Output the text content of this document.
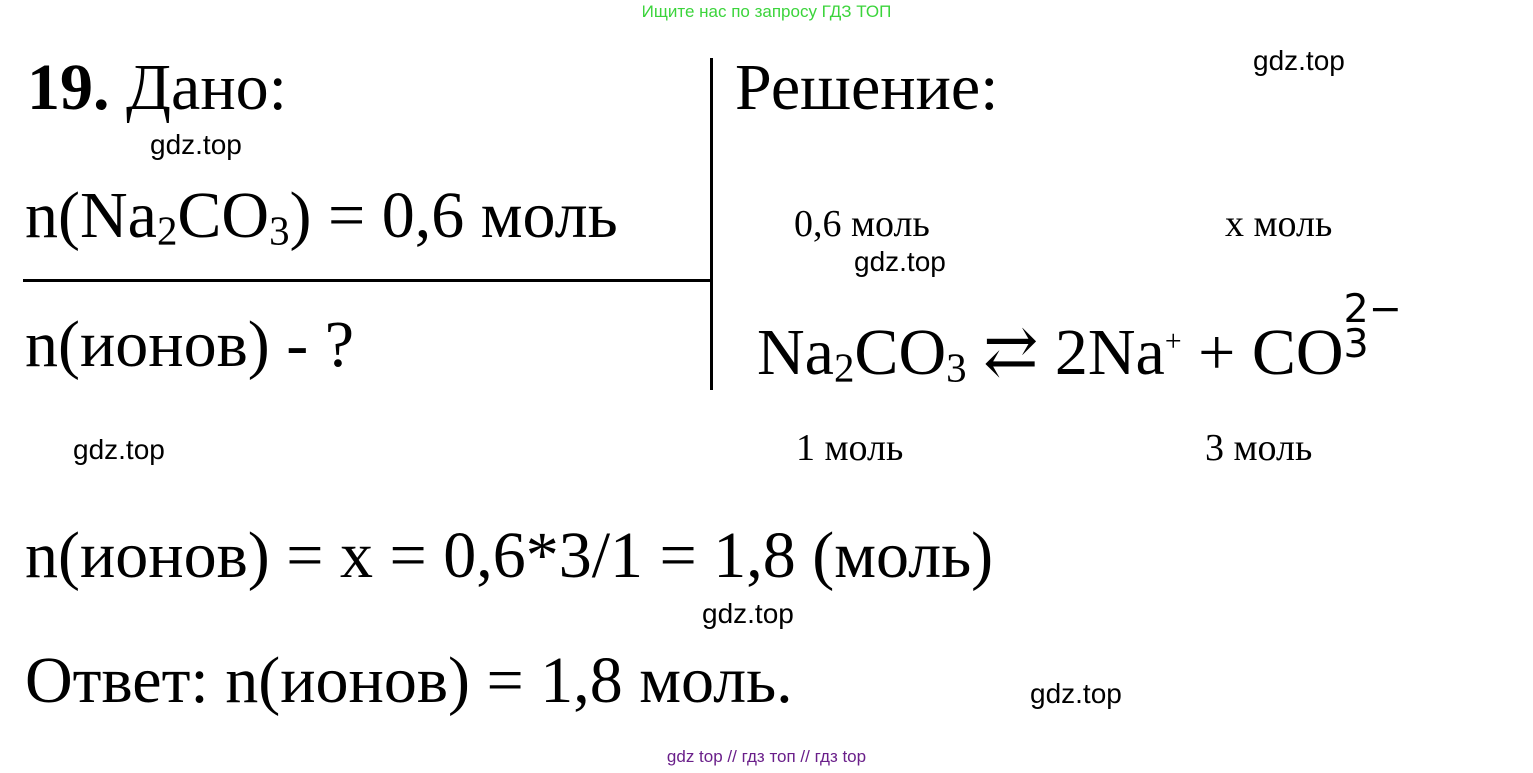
Ищите нас по запросу ГДЗ ТОП
19. Дано:	Решение:	gdz.top
gdz.top
n(Na2CO3) = 0,6 моль
n(ионов) - ?
0,6 моль	х моль
gdz.top
Na2CO3 ⇄ 2Na+ + CO
2−
3
gdz.top	1 моль	3 моль
n(ионов) = х = 0,6*3/1 = 1,8 (моль)
gdz.top
Ответ: n(ионов) = 1,8 моль.	gdz.top
gdz top // гдз топ // гдз top
